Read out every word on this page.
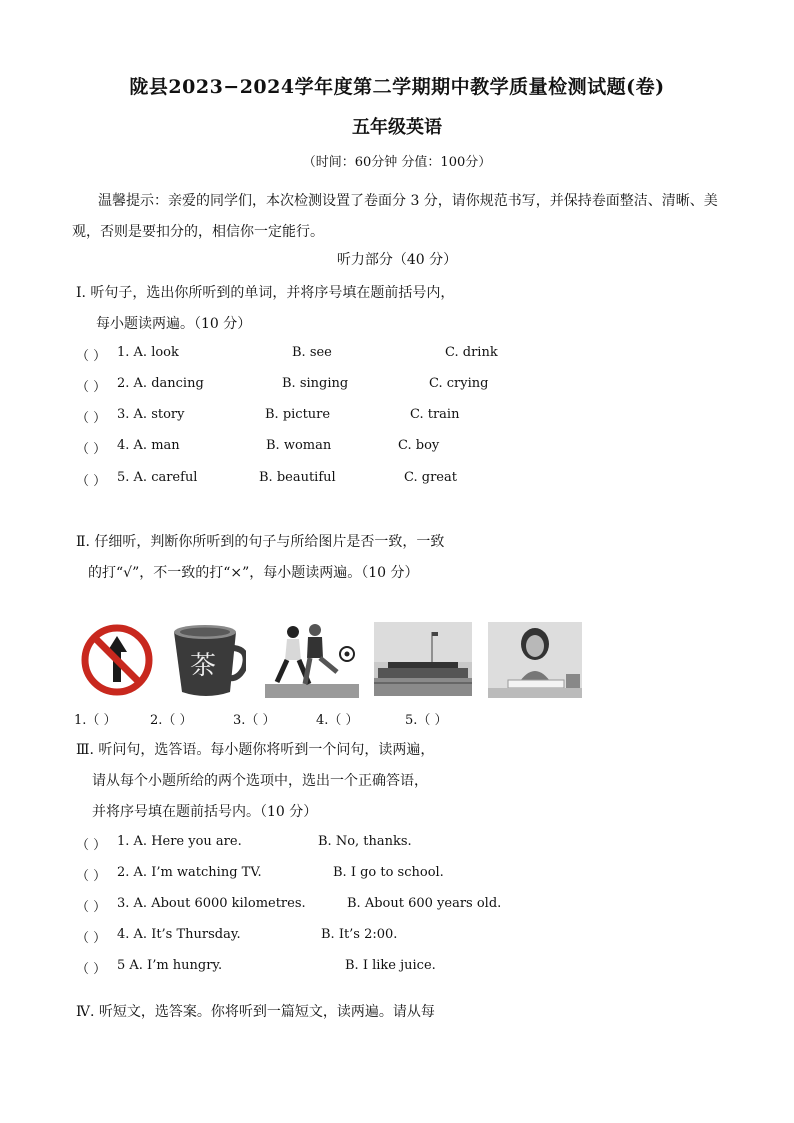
陇县2023−2024学年度第二学期期中教学质量检测试题(卷)
五年级英语
（时间：60分钟 分值：100分）
温馨提示：亲爱的同学们，本次检测设置了卷面分 3 分，请你规范书写，并保持卷面整洁、清晰、美观，否则是要扣分的，相信你一定能行。
听力部分（40 分）
Ⅰ. 听句子，选出你所听到的单词，并将序号填在题前括号内，
每小题读两遍。（10 分）
（ ） 1. A. look	B. see	C. drink
（ ） 2. A. dancing	B. singing	C. crying
（ ） 3. A. story	B. picture	C. train
（ ） 4. A. man	B. woman	C. boy
（ ） 5. A. careful	B. beautiful	C. great
Ⅱ. 仔细听，判断你所听到的句子与所给图片是否一致，一致
的打“√”，不一致的打“×”，每小题读两遍。（10 分）
茶
1.（ ）	2.（ ）	3.（ ）	4.（ ）	5.（ ）
Ⅲ. 听问句，选答语。每小题你将听到一个问句，读两遍，
请从每个小题所给的两个选项中，选出一个正确答语，
并将序号填在题前括号内。（10 分）
（ ） 1. A. Here you are.	B. No, thanks.
（ ） 2. A. I’m watching TV.	B. I go to school.
（ ） 3. A. About 6000 kilometres.	B. About 600 years old.
（ ） 4. A. It’s Thursday.	B. It’s 2:00.
（ ） 5 A. I’m hungry.	B. I like juice.
Ⅳ. 听短文，选答案。你将听到一篇短文，读两遍。请从每
